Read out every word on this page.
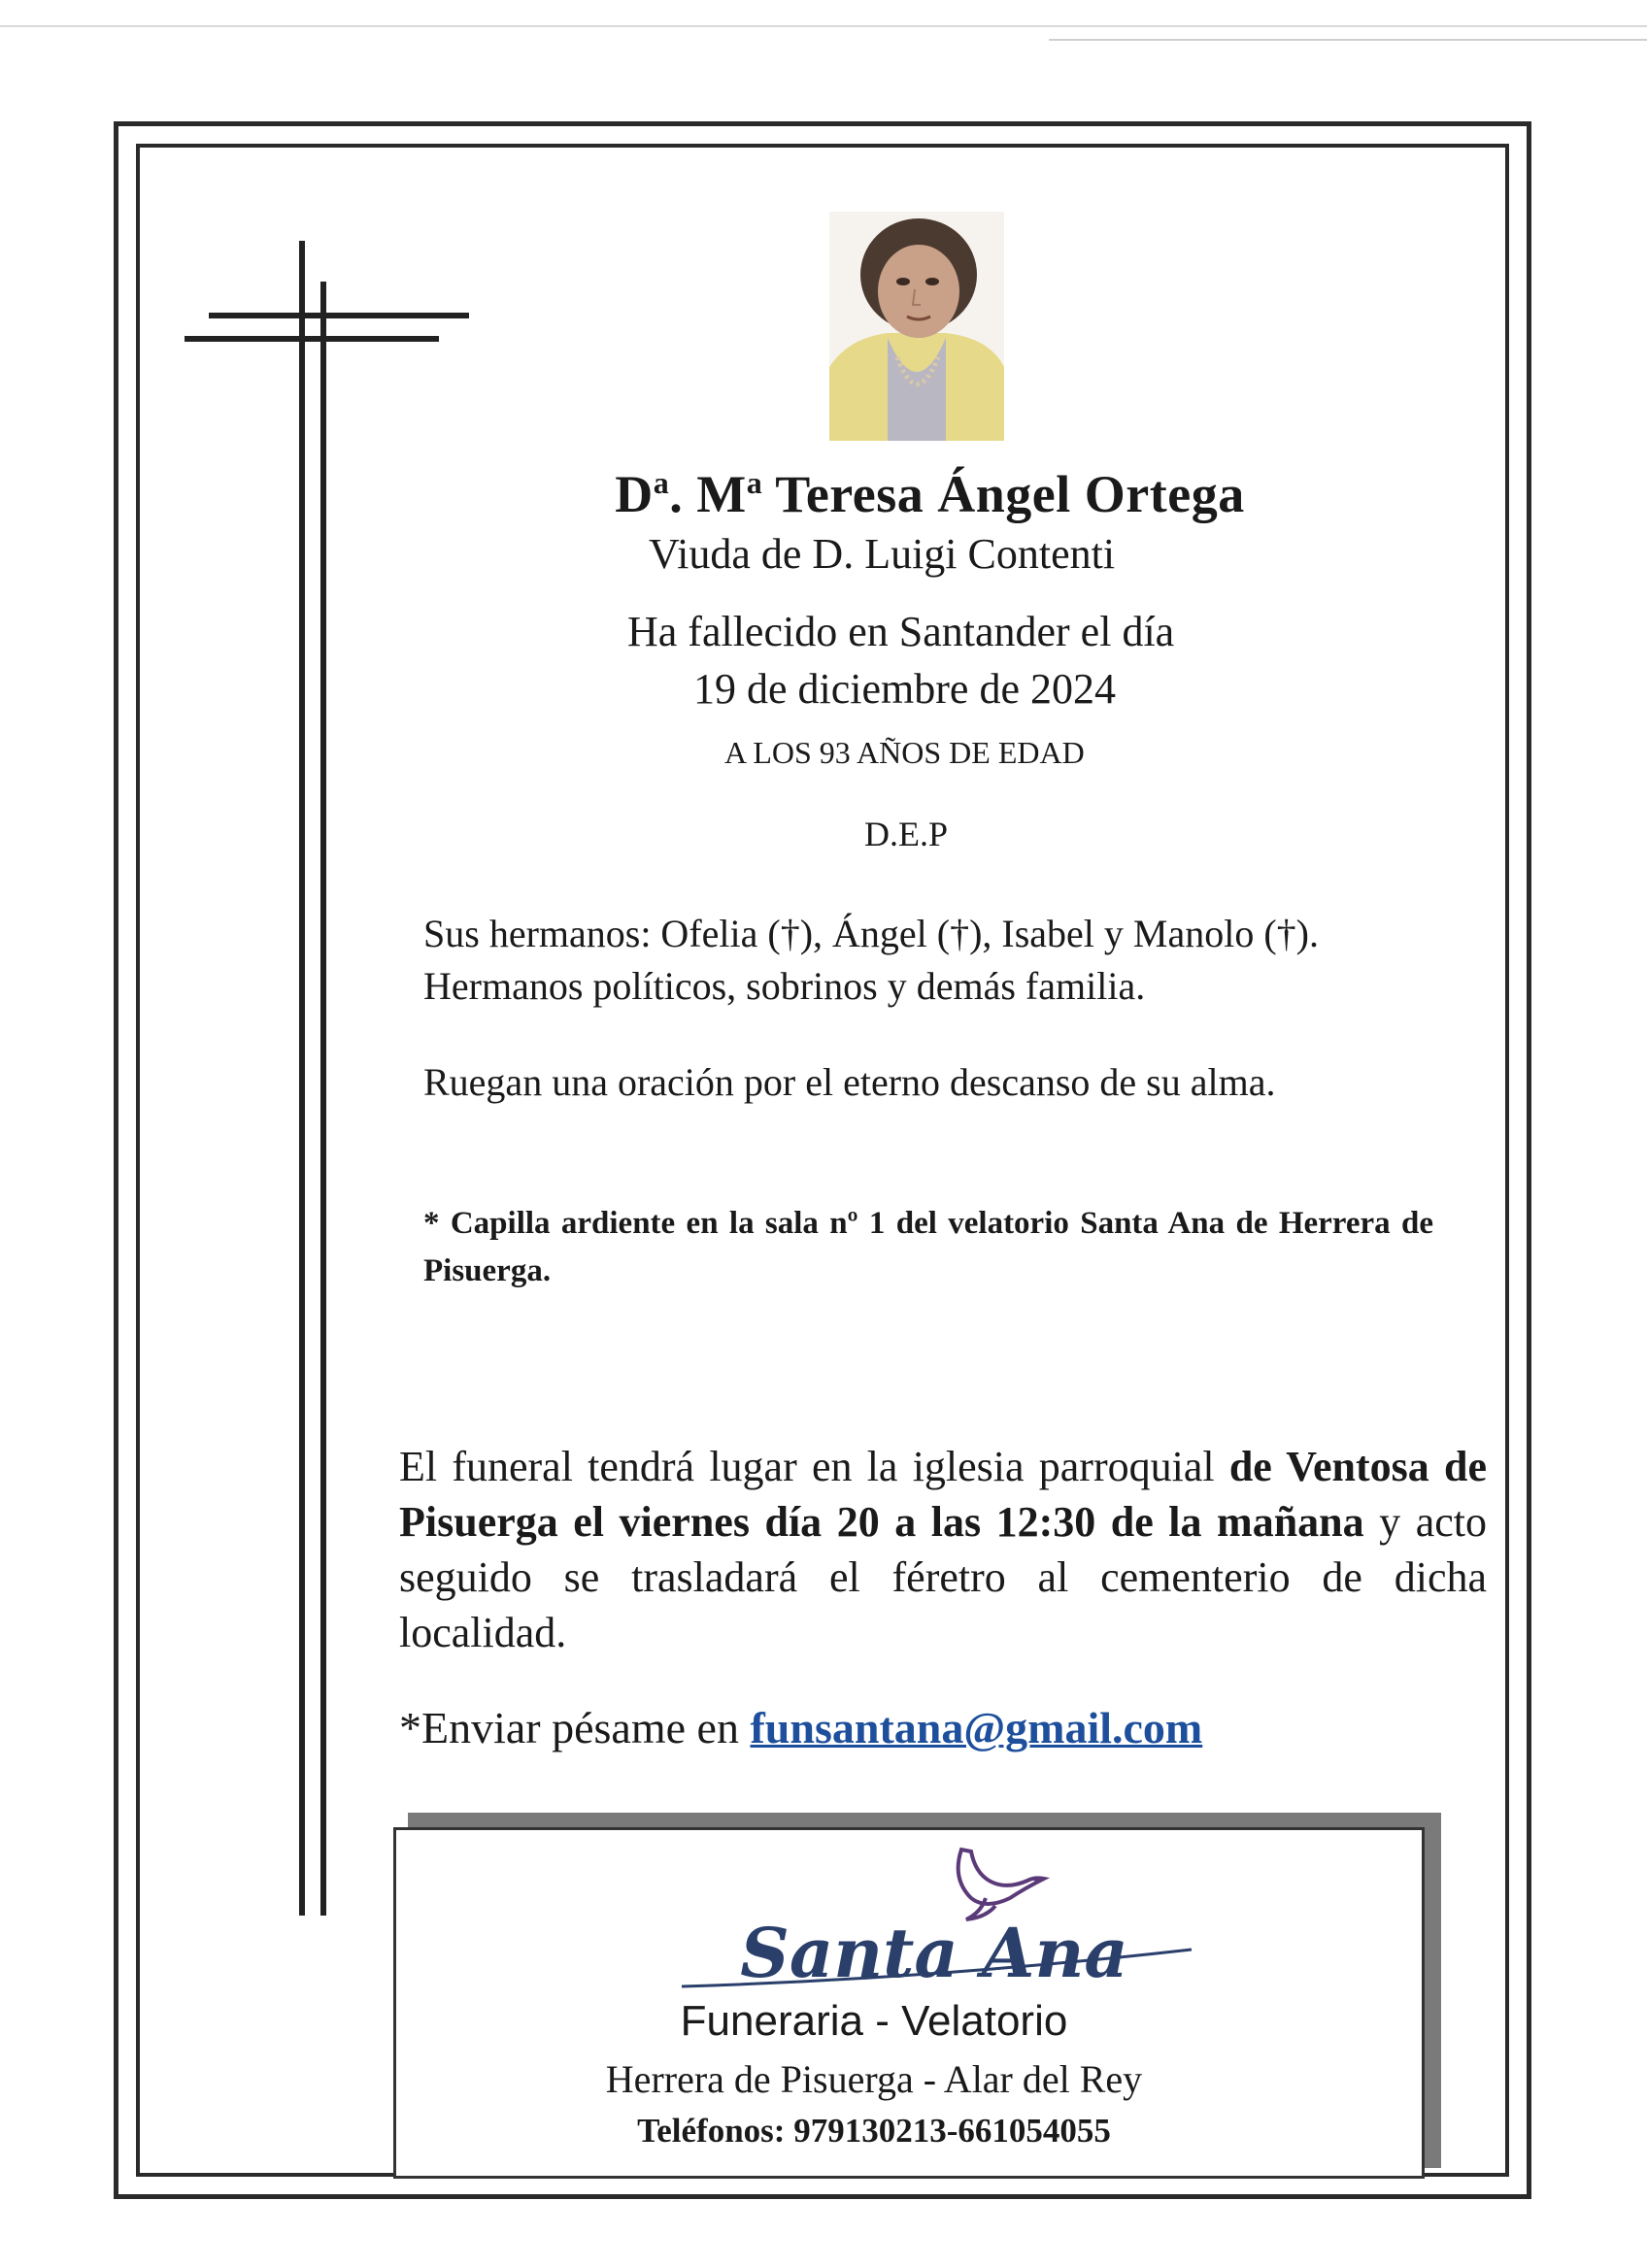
$D^a$. $M^a$ Teresa Ángel Ortega
Viuda de D. Luigi Contenti
Ha fallecido en Santander el día
19 de diciembre de 2024
A LOS 93 AÑOS DE EDAD
D.E.P
Sus hermanos: Ofelia (†), Ángel (†), Isabel y Manolo (†).
Hermanos políticos, sobrinos y demás familia.
Ruegan una oración por el eterno descanso de su alma.
* Capilla ardiente en la sala nº 1 del velatorio Santa Ana de Herrera de Pisuerga.
El funeral tendrá lugar en la iglesia parroquial de Ventosa de Pisuerga el viernes día 20 a las 12:30 de la mañana y acto seguido se trasladará el féretro al cementerio de dicha localidad.
*Enviar pésame en funsantana@gmail.com
Santa Ana
Funeraria - Velatorio
Herrera de Pisuerga - Alar del Rey
Teléfonos: 979130213-661054055
